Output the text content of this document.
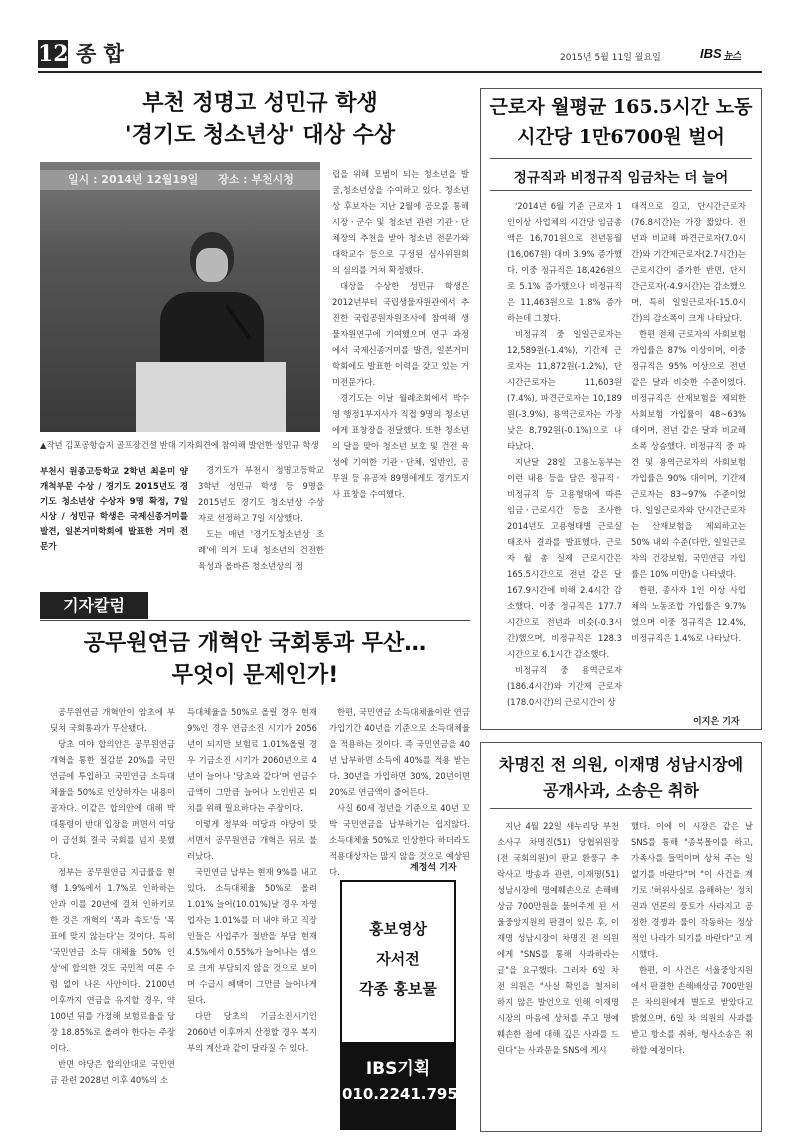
12 종 합	2015년 5월 11일 월요일	IBS 뉴스
부천 정명고 성민규 학생
'경기도 청소년상' 대상 수상
일시 : 2014년 12월19일 장소 : 부천시청
▲작년 김포공항습지 골프장건설 반대 기자회견에 참여해 발언한 성민규 학생
부천시 원종고등학교 2학년 최윤미 양 개척부문 수상 / 경기도 2015년도 경기도 청소년상 수상자 9명 확정, 7일 시상 / 성민규 학생은 국제신종거미를 발견, 일본거미학회에 발표한 거미 전문가

경기도가 부천시 정명고등학교 3학년 성민규 학생 등 9명을 2015년도 경기도 청소년상 수상자로 선정하고 7일 시상했다.

도는 매년 '경기도청소년상 조례'에 의거 도내 청소년의 건전한 육성과 올바른 청소년상의 정

립을 위해 모범이 되는 청소년을 발굴,청소년상을 수여하고 있다. 청소년상 후보자는 지난 2월에 공모를 통해 시장ㆍ군수 및 청소년 관련 기관ㆍ단체장의 추천을 받아 청소년 전문가와 대학교수 등으로 구성된 심사위원회의 심의를 거쳐 확정됐다.

대상을 수상한 성민규 학생은 2012년부터 국립생물자원관에서 추진한 국립공원자원조사에 참여해 생물자원연구에 기여했으며 연구 과정에서 국제신종거미를 발견, 일본거미학회에도 발표한 이력을 갖고 있는 거미전문가다.

경기도는 이날 월례조회에서 박수영 행정1부지사가 직접 9명의 청소년에게 표창장을 전달했다. 또한 청소년의 달을 맞아 청소년 보호 및 건전 육성에 기여한 기관ㆍ단체, 일반인, 공무원 등 유공자 89명에게도 경기도지사 표창을 수여했다.

기자칼럼
공무원연금 개혁안 국회통과 무산…
무엇이 문제인가!

공무원연금 개혁안이 암초에 부딪쳐 국회통과가 무산됐다.

당초 여야 합의안은 공무원연금 개혁을 통한 절감분 20%를 국민연금에 투입하고 국민연금 소득대체율을 50%로 인상하자는 내용이 골자다. 이같은 합의안에 대해 박 대통령이 반대 입장을 펴면서 여당이 급선회 결국 국회를 넘지 못했다.

정부는 공무원연금 지급률을 현행 1.9%에서 1.7%로 인하하는 안과 이를 20년에 걸쳐 인하키로 한 것은 개혁의 '폭과 속도'등 '목표에 맞지 않는다'는 것이다. 특히 '국민연금 소득 대체율 50% 인상'에 합의한 것도 국민적 여론 수렴 없이 나온 사안이다. 2100년 이후까지 연금을 유지할 경우, 약 100년 뒤를 가정해 보험료율을 당장 18.85%로 올려야 한다는 주장이다.

반면 야당은 합의안대로 국민연금 관련 2028년 이후 40%의 소

득대체율을 50%로 올릴 경우 현재 9%인 경우 연금소진 시기가 2056년이 되지만 보험료 1.01%올릴 경우 기금소진 시기가 2060년으로 4년이 늘어나 '당초와 같다'며 연금수급액이 그만큼 늘어나 노인빈곤 퇴치를 위해 필요하다는 주장이다.

이렇게 정부와 여당과 야당이 맞서면서 공무원연금 개혁은 뒤로 불러났다.

국민연금 납부는 현재 9%를 내고 있다. 소득대체율 50%로 올려 1.01% 늘어(10.01%)날 경우 자영업자는 1.01%를 더 내야 하고 직장인들은 사업주가 절반을 부담 현재 4.5%에서 0.55%가 늘어나는 셈으로 크게 부담되지 않을 것으로 보이며 수급시 혜택이 그만큼 늘어나게 된다.

다만 당초의 기금소진시기인 2060년 이후까지 산정할 경우 복지부의 계산과 같이 달라질 수 있다.

한편, 국민연금 소득대체율이란 연금 가입기간 40년을 기준으로 소득대체율을 적용하는 것이다. 즉 국민연금을 40년 납부하면 소득에 40%를 적용 받는다. 30년을 가입하면 30%, 20년이면 20%로 연금액이 줄어든다.

사실 60세 정년을 기준으로 40년 꼬박 국민연금을 납부하기는 쉽지않다. 소득대체율 50%로 인상한다 하더라도 적용대상자는 많지 않을 것으로 예상된다.	계정석 기자
홍보영상
자서전
각종 홍보물
IBS기획
010.2241.7950
근로자 월평균 165.5시간 노동
시간당 1만6700원 벌어
정규직과 비정규직 임금차는 더 늘어

'2014년 6월 기준 근로자 1인이상 사업체의 시간당 임금총액은 16,701원으로 전년동월(16,067원) 대비 3.9% 증가했다. 이중 정규직은 18,426원으로 5.1% 증가했으나 비정규직은 11,463원으로 1.8% 증가하는데 그쳤다.

비정규직 중 일일근로자는 12,589원(-1.4%), 기간제 근로자는 11,872원(-1.2%), 단시간근로자는 11,603원(7.4%), 파견근로자는 10,189원(-3.9%), 용역근로자는 가장 낮은 8,792원(-0.1%)으로 나타났다.

지난달 28일 고용노동부는 이런 내용 등을 담은 정규직ㆍ비정규직 등 고용형태에 따른 임금ㆍ근로시간 등을 조사한 2014년도 고용형태별 근로실태조사 결과를 발표했다. 근로자 월 총 실제 근로시간은 165.5시간으로 전년 같은 달 167.9시간에 비해 2.4시간 감소했다. 이중 정규직은 177.7시간으로 전년과 비슷(-0.3시간)했으며, 비정규직은 128.3시간으로 6.1시간 감소했다.

비정규직 중 용역근로자(186.4시간)와 기간제 근로자(178.0시간)의 근로시간이 상

대적으로 길고, 단시간근로자(76.8시간)는 가장 짧았다. 전년과 비교해 파견근로자(7.0시간)와 기간제근로자(2.7시간)는 근로시간이 증가한 반면, 단시간근로자(-4.9시간)는 감소했으며, 특히 일일근로자(-15.0시간)의 감소폭이 크게 나타났다.

한편 전체 근로자의 사회보험 가입률은 87% 이상이며, 이중 정규직은 95% 이상으로 전년 같은 달과 비슷한 수준이었다. 비정규직은 산재보험을 제외한 사회보험 가입률이 48~63% 대이며, 전년 같은 달과 비교해 소폭 상승했다. 비정규직 중 파견 및 용역근로자의 사회보험 가입률은 90% 대이며, 기간제 근로자는 83~97% 수준이었다. 일일근로자와 단시간근로자는 산재보험을 제외하고는 50% 내외 수준(다만, 일일근로자의 건강보험, 국민연금 가입률은 10% 미만)을 나타냈다.

한편, 종사자 1인 이상 사업체의 노동조합 가입률은 9.7%였으며 이중 정규직은 12.4%, 비정규직은 1.4%로 나타났다.

이지은 기자
차명진 전 의원, 이재명 성남시장에
공개사과, 소송은 취하

지난 4월 22일 새누리당 부천 소사구 차명진(51) 당협위원장(전 국회의원)이 판교 환풍구 추락사고 방송과 관련, 이재명(51) 성남시장에 명예훼손으로 손해배상금 700만원을 물어주게 된 서울중앙지원의 판결이 있은 후, 이재명 성남시장이 차명진 전 의원에게 "SNS를 통해 사과하라는 글"을 요구했다. 그러자 6일 차 전 의원은 "사실 확인을 철저히 하지 않은 발언으로 인해 이재명 시장의 마음에 상처를 주고 명예 훼손한 점에 대해 깊은 사과를 드린다"는 사과문을 SNS에 게시

했다. 이에 이 시장은 같은 날 SNS를 통해 "종북몰이를 하고, 가족사를 들먹이며 상처 주는 일 없기를 바란다"며 "이 사건을 계기로 '허위사실로 음해하는' 정치권과 언론의 풍토가 사라지고 공정한 경쟁과 룰이 작동하는 정상적인 나라가 되기를 바란다"고 게시했다.

한편, 이 사건은 서울중앙지원에서 판결한 손해배상금 700만원은 차의원에게 별도로 받았다고 밝혔으며, 6일 차 의원의 사과를 받고 항소를 취하, 형사소송은 취하할 예정이다.
